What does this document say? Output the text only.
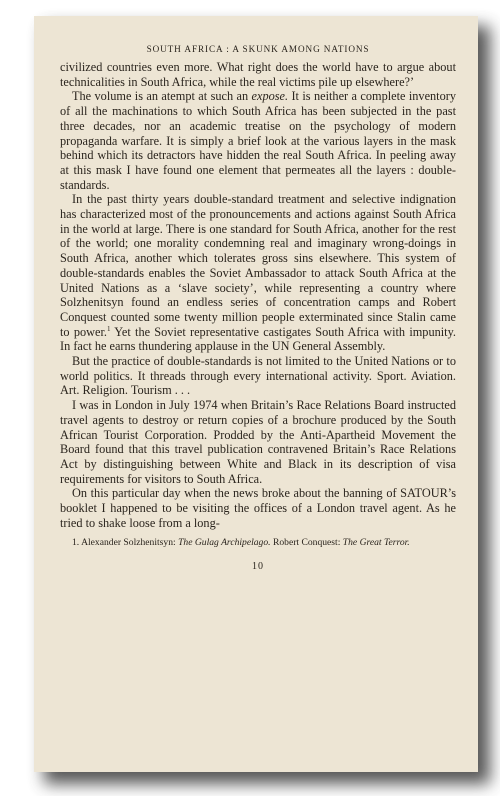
SOUTH AFRICA : A SKUNK AMONG NATIONS

civilized countries even more. What right does the world have to argue about technicalities in South Africa, while the real victims pile up elsewhere?’

The volume is an atempt at such an expose. It is neither a complete inventory of all the machinations to which South Africa has been subjected in the past three decades, nor an academic treatise on the psychology of modern propaganda warfare. It is simply a brief look at the various layers in the mask behind which its detractors have hidden the real South Africa. In peeling away at this mask I have found one element that permeates all the layers : double-standards.

In the past thirty years double-standard treatment and selective indignation has characterized most of the pronouncements and actions against South Africa in the world at large. There is one standard for South Africa, another for the rest of the world; one morality condemning real and imaginary wrong-doings in South Africa, another which tolerates gross sins elsewhere. This system of double-standards enables the Soviet Ambassador to attack South Africa at the United Nations as a ‘slave society’, while representing a country where Solzhenitsyn found an endless series of concentration camps and Robert Conquest counted some twenty million people exterminated since Stalin came to power.$^1$ Yet the Soviet representative castigates South Africa with impunity. In fact he earns thundering applause in the UN General Assembly.

But the practice of double-standards is not limited to the United Nations or to world politics. It threads through every international activity. Sport. Aviation. Art. Religion. Tourism . . .

I was in London in July 1974 when Britain’s Race Relations Board instructed travel agents to destroy or return copies of a brochure produced by the South African Tourist Corporation. Prodded by the Anti-Apartheid Movement the Board found that this travel publication contravened Britain’s Race Relations Act by distinguishing between White and Black in its description of visa requirements for visitors to South Africa.

On this particular day when the news broke about the banning of SATOUR’s booklet I happened to be visiting the offices of a London travel agent. As he tried to shake loose from a long-

1. Alexander Solzhenitsyn: The Gulag Archipelago. Robert Conquest: The Great Terror.
10
